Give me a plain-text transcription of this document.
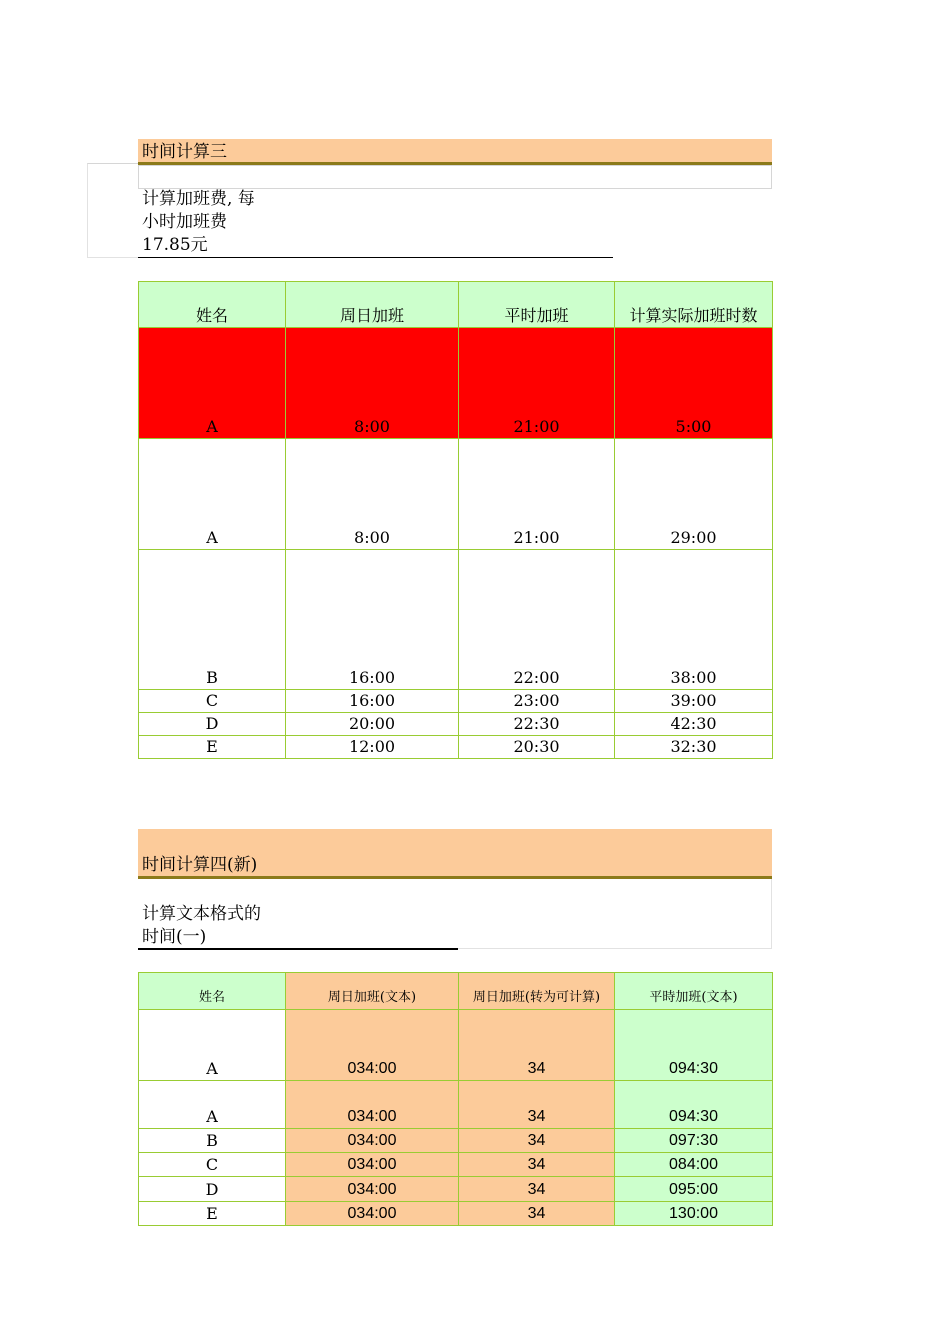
时间计算三
计算加班费, 每
小时加班费
17.85元
姓名	周日加班	平时加班	计算实际加班时数
A	8:00	21:00	5:00
A	8:00	21:00	29:00
B	16:00	22:00	38:00
C	16:00	23:00	39:00
D	20:00	22:30	42:30
E	12:00	20:30	32:30
时间计算四(新)
计算文本格式的
时间(一)
姓名	周日加班(文本)	周日加班(转为可计算)	平時加班(文本)
A	034:00	34	094:30
A	034:00	34	094:30
B	034:00	34	097:30
C	034:00	34	084:00
D	034:00	34	095:00
E	034:00	34	130:00
